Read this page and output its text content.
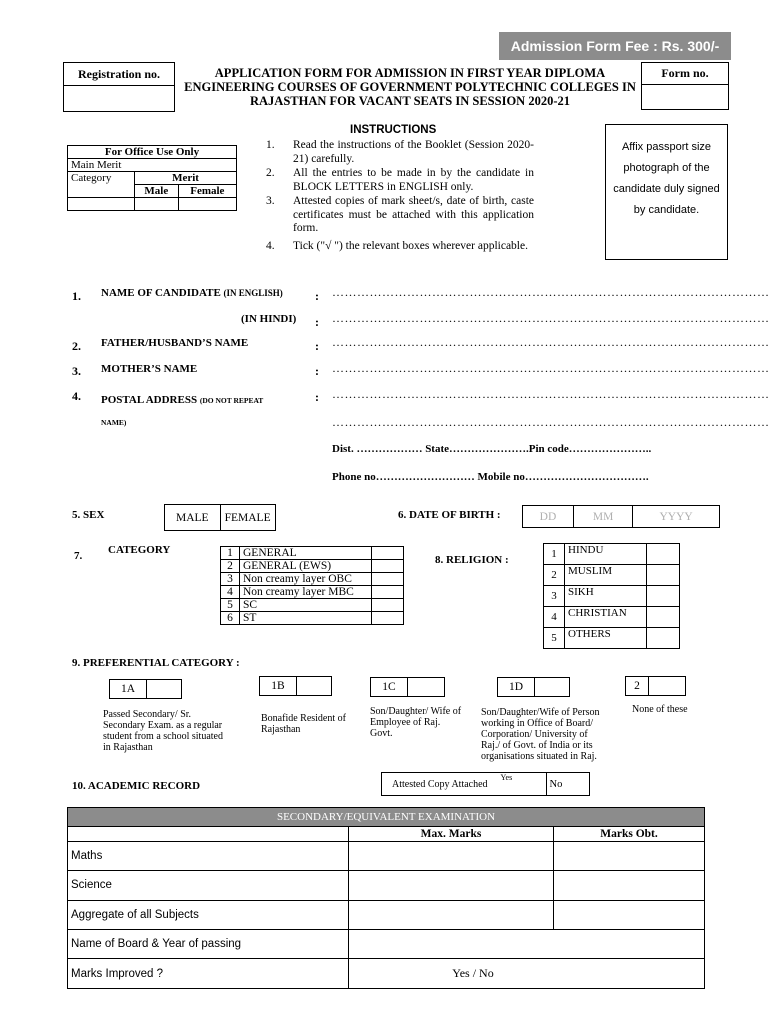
Admission Form Fee : Rs. 300/-
Registration no.	APPLICATION FORM FOR ADMISSION IN FIRST YEAR DIPLOMA ENGINEERING COURSES OF GOVERNMENT POLYTECHNIC COLLEGES IN RAJASTHAN FOR VACANT SEATS IN SESSION 2020-21
Form no.
For Office Use Only		
Main Merit		
Category	Merit	
	Male	Female

INSTRUCTIONS
1.	Read the instructions of the Booklet (Session 2020-21) carefully.
2.	All the entries to be made in by the candidate in BLOCK LETTERS in ENGLISH only.
3.	Attested copies of mark sheet/s, date of birth, caste certificates must be attached with this application form.
4.	Tick ("√ ") the relevant boxes wherever applicable.
Affix passport size photograph of the candidate duly signed by candidate.
1. NAME OF CANDIDATE (IN ENGLISH)	: ……………………………………………………………………………………………
(IN HINDI) : ……………………………………………………………………………………………
2. FATHER/HUSBAND’S NAME	: ……………………………………………………………………………………………
3. MOTHER’S NAME	: ……………………………………………………………………………………………
4. POSTAL ADDRESS (DO NOT REPEAT
NAME)
: ……………………………………………………………………………………………
……………………………………………………………………………………………
Dist. ……………… State………………….Pin code…………………..
Phone no……………………… Mobile no…………………………….
5. SEX	MALE	FEMALE	6. DATE OF BIRTH :	DD	MM	YYYY
7. CATEGORY	1	GENERAL	
2	GENERAL (EWS)	
3	Non creamy layer OBC	
4	Non creamy layer MBC	
5	SC	
6	ST	
8. RELIGION :	1	HINDU	
2	MUSLIM	
3	SIKH	
4	CHRISTIAN	
5	OTHERS	
9. PREFERENTIAL CATEGORY :
1A	
Passed Secondary/ Sr. Secondary Exam. as a regular student from a school situated in Rajasthan
1B	
Bonafide Resident of Rajasthan
1C	
Son/Daughter/ Wife of Employee of Raj. Govt.
1D	
Son/Daughter/Wife of Person working in Office of Board/ Corporation/ University of Raj./ of Govt. of India or its organisations situated in Raj.
2	
None of these
10. ACADEMIC RECORD	Attested Copy Attached	Yes	No
SECONDARY/EQUIVALENT EXAMINATION		
	Max. Marks	Marks Obt.
Maths		
Science		
Aggregate of all Subjects		
Name of Board & Year of passing		
Marks Improved ?	Yes / No	
